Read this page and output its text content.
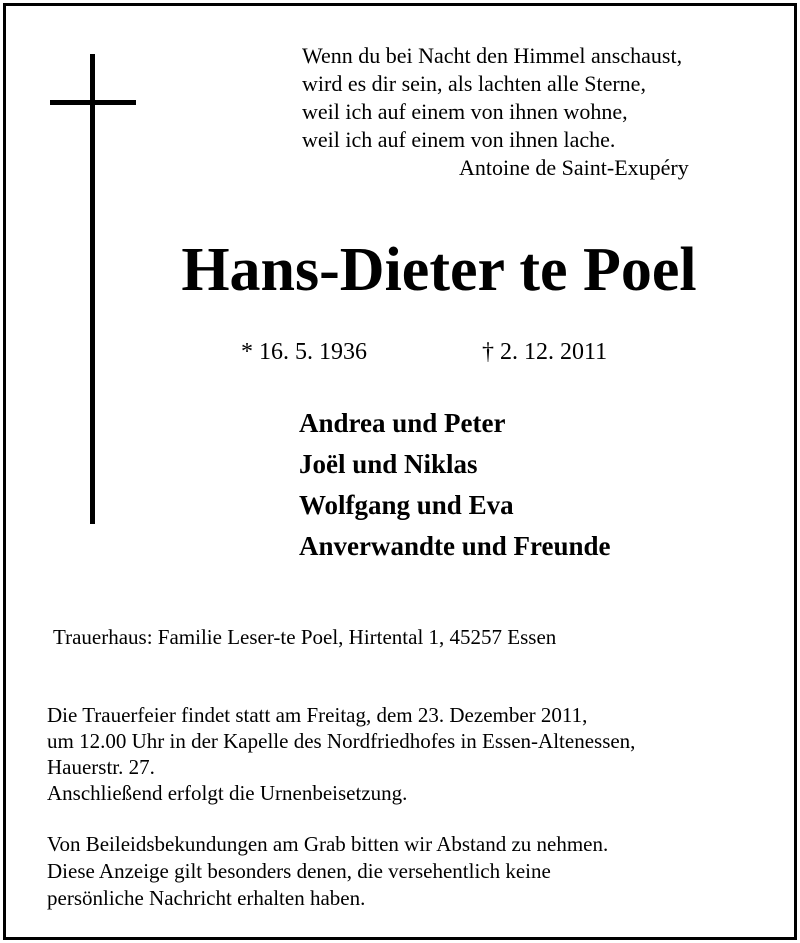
Wenn du bei Nacht den Himmel anschaust,
wird es dir sein, als lachten alle Sterne,
weil ich auf einem von ihnen wohne,
weil ich auf einem von ihnen lache.
Antoine de Saint-Exupéry
Hans-Dieter te Poel
* 16. 5. 1936	† 2. 12. 2011
Andrea und Peter
Joël und Niklas
Wolfgang und Eva
Anverwandte und Freunde
Trauerhaus: Familie Leser-te Poel, Hirtental 1, 45257 Essen
Die Trauerfeier findet statt am Freitag, dem 23. Dezember 2011,
um 12.00 Uhr in der Kapelle des Nordfriedhofes in Essen-Altenessen,
Hauerstr. 27.
Anschließend erfolgt die Urnenbeisetzung.
Von Beileidsbekundungen am Grab bitten wir Abstand zu nehmen.
Diese Anzeige gilt besonders denen, die versehentlich keine
persönliche Nachricht erhalten haben.
